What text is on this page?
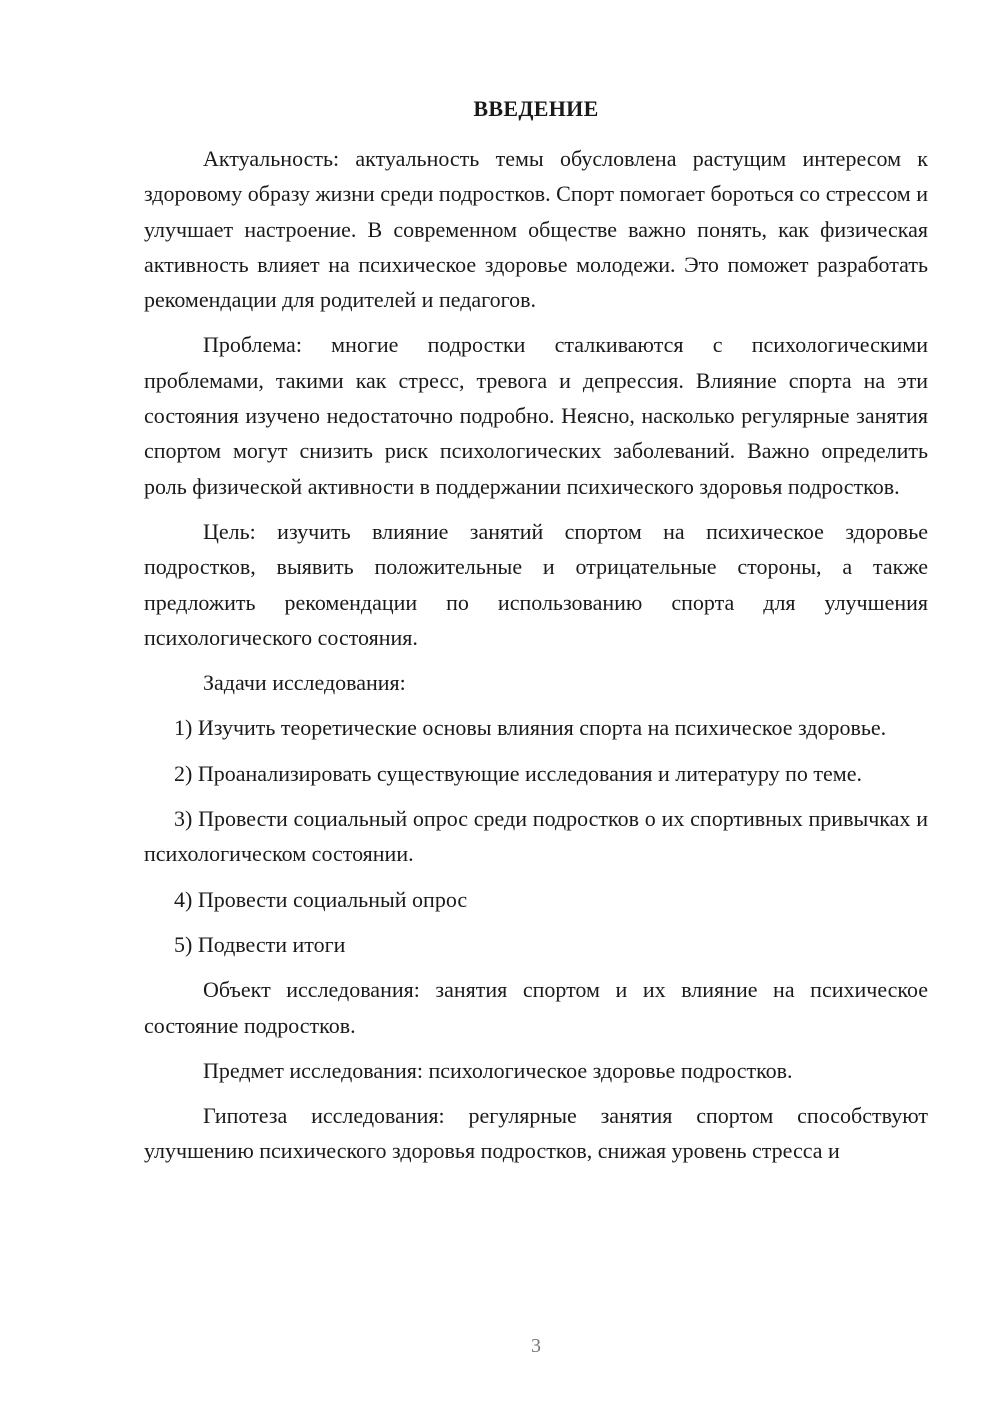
ВВЕДЕНИЕ

Актуальность: актуальность темы обусловлена растущим интересом к здоровому образу жизни среди подростков. Спорт помогает бороться со стрессом и улучшает настроение. В современном обществе важно понять, как физическая активность влияет на психическое здоровье молодежи. Это поможет разработать рекомендации для родителей и педагогов.

Проблема: многие подростки сталкиваются с психологическими проблемами, такими как стресс, тревога и депрессия. Влияние спорта на эти состояния изучено недостаточно подробно. Неясно, насколько регулярные занятия спортом могут снизить риск психологических заболеваний. Важно определить роль физической активности в поддержании психического здоровья подростков.

Цель: изучить влияние занятий спортом на психическое здоровье подростков, выявить положительные и отрицательные стороны, а также предложить рекомендации по использованию спорта для улучшения психологического состояния.

Задачи исследования:

1) Изучить теоретические основы влияния спорта на психическое здоровье.

2) Проанализировать существующие исследования и литературу по теме.

3) Провести социальный опрос среди подростков о их спортивных привычках и психологическом состоянии.

4) Провести социальный опрос

5) Подвести итоги

Объект исследования: занятия спортом и их влияние на психическое состояние подростков.

Предмет исследования: психологическое здоровье подростков.

Гипотеза исследования: регулярные занятия спортом способствуют улучшению психического здоровья подростков, снижая уровень стресса и

3
